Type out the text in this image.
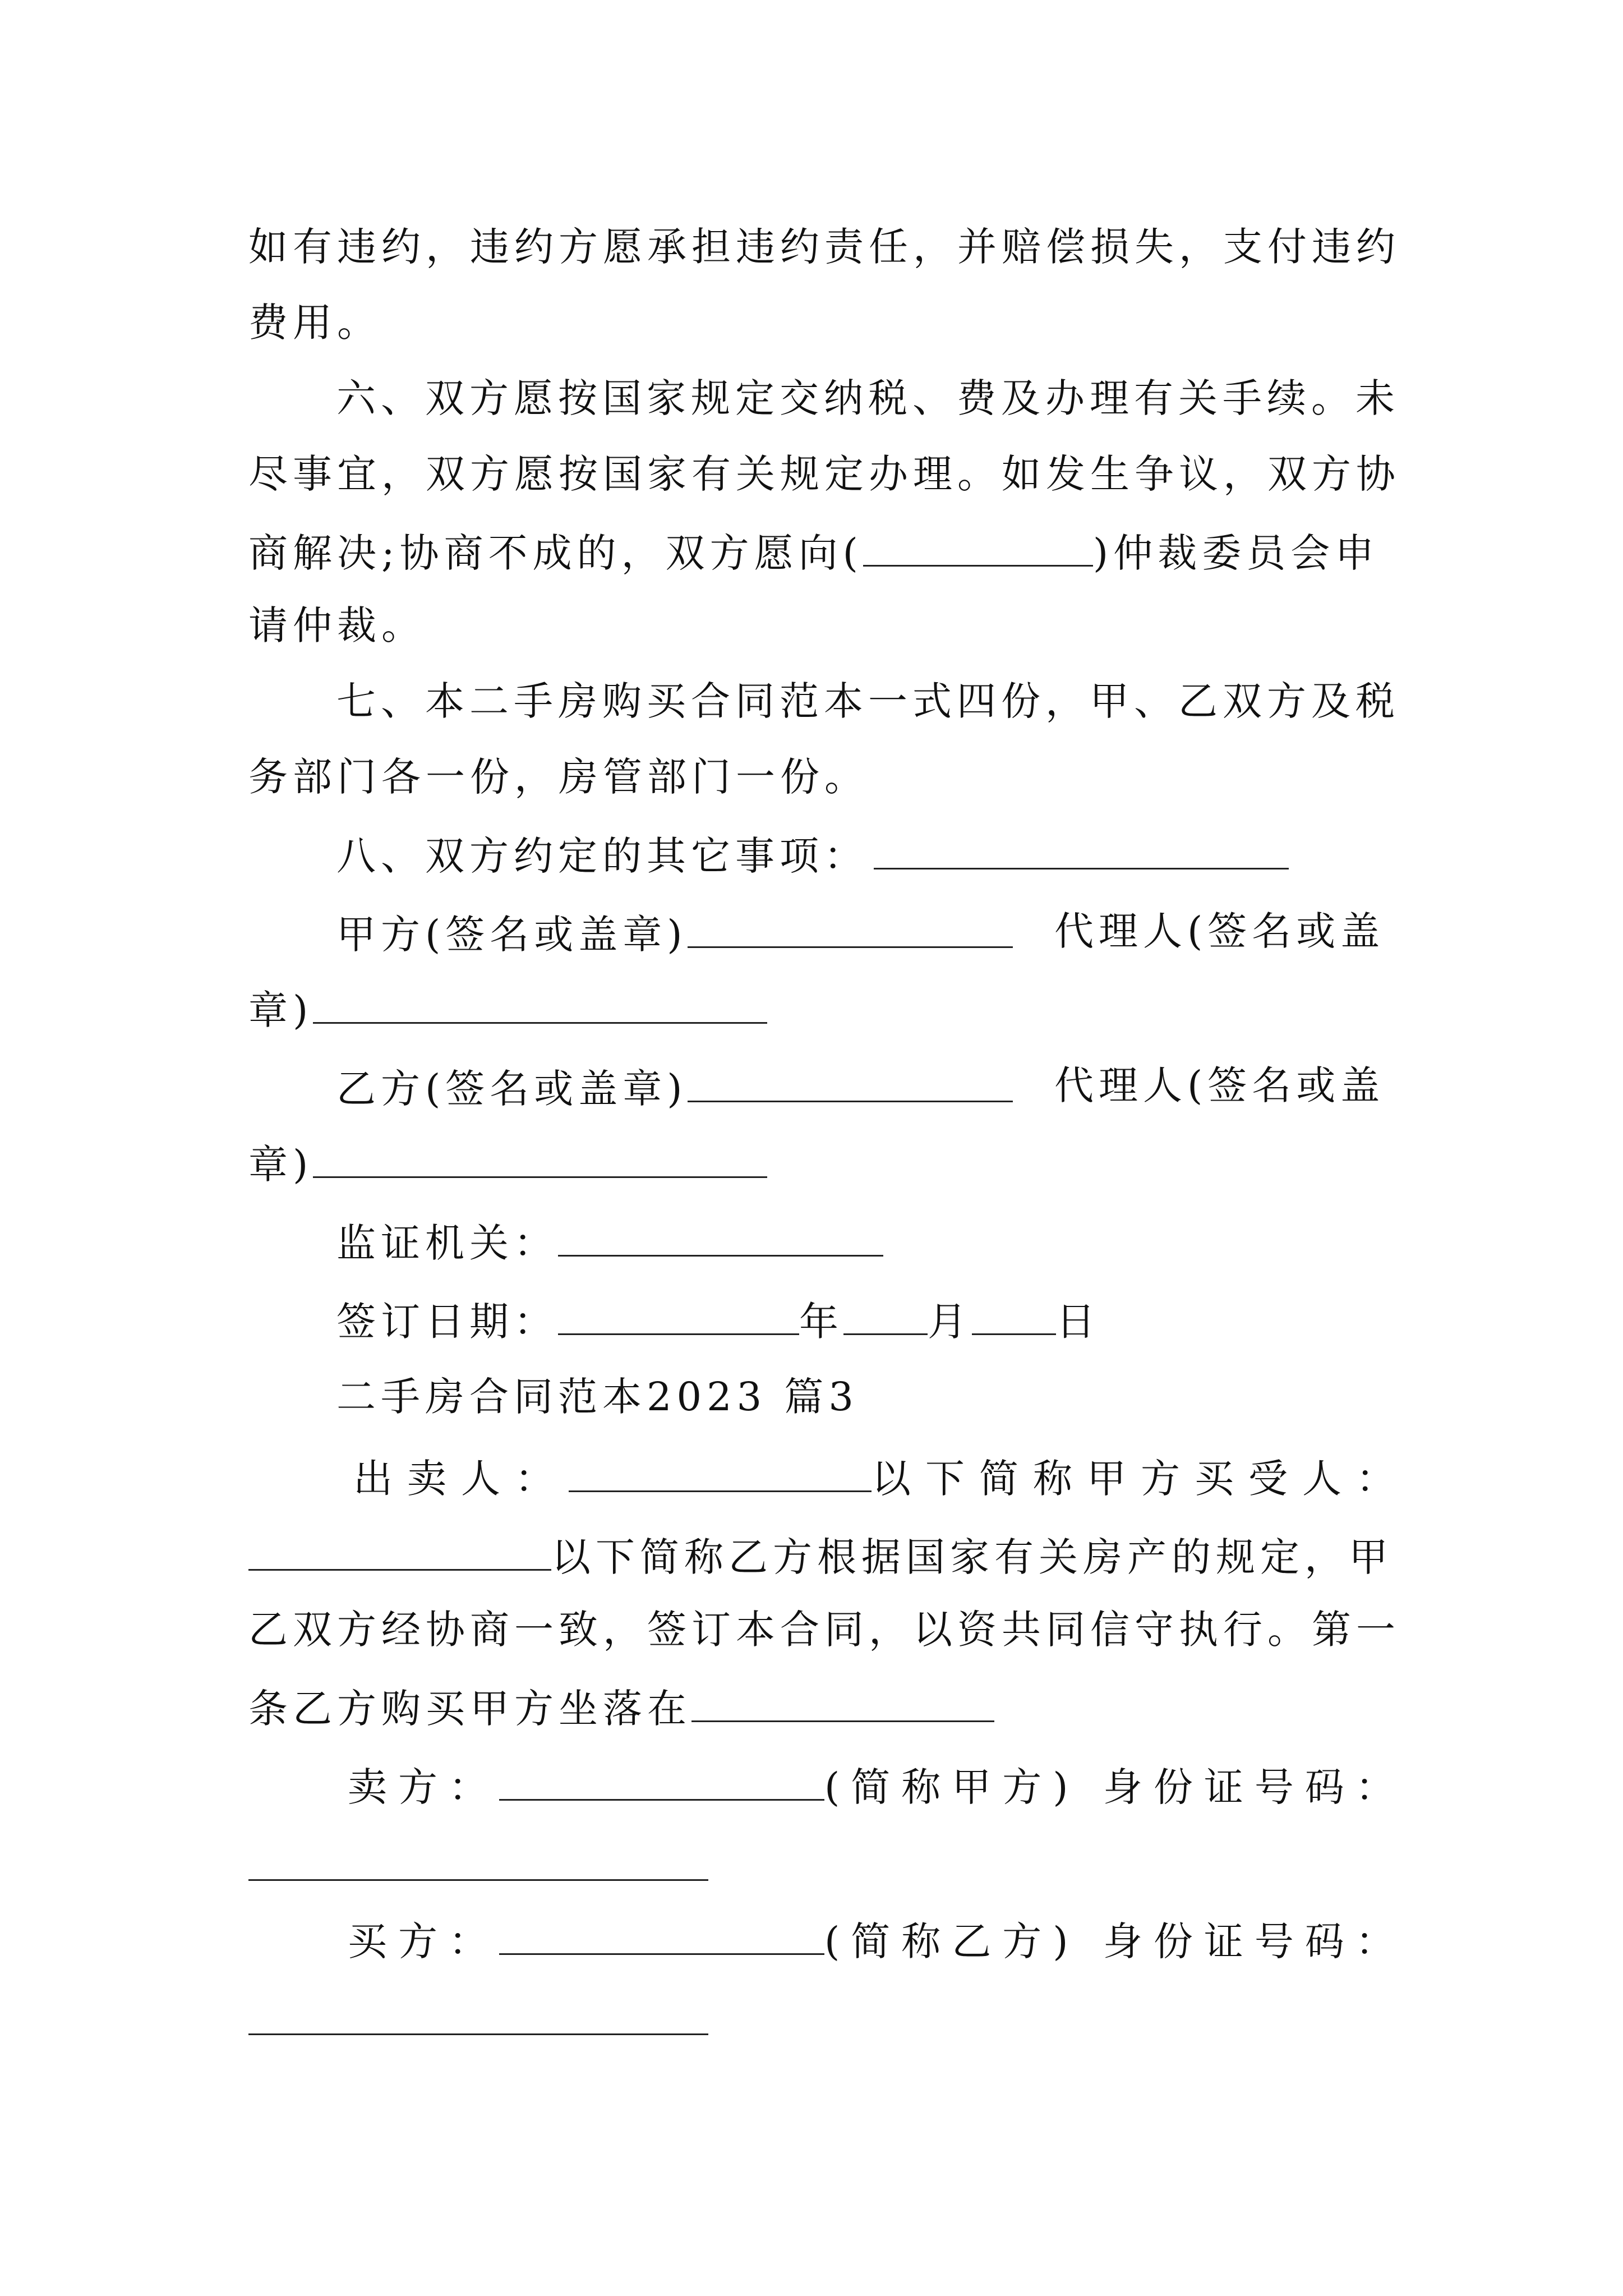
如有违约，违约方愿承担违约责任，并赔偿损失，支付违约
费用。
六、双方愿按国家规定交纳税、费及办理有关手续。未
尽事宜，双方愿按国家有关规定办理。如发生争议，双方协
商解决;协商不成的，双方愿向(	)仲裁委员会申
请仲裁。
七、本二手房购买合同范本一式四份，甲、乙双方及税
务部门各一份，房管部门一份。
八、双方约定的其它事项：
甲方(签名或盖章)	代理人(签名或盖
章)
乙方(签名或盖章)	代理人(签名或盖
章)
监证机关：
签订日期：	年 月 日
二手房合同范本2023 篇3
出卖人：	以下简称甲方买受人：
以下简称乙方根据国家有关房产的规定，甲
乙双方经协商一致，签订本合同，以资共同信守执行。第一
条乙方购买甲方坐落在
卖方：	(简称甲方) 身份证号码：
买方：	(简称乙方) 身份证号码：
